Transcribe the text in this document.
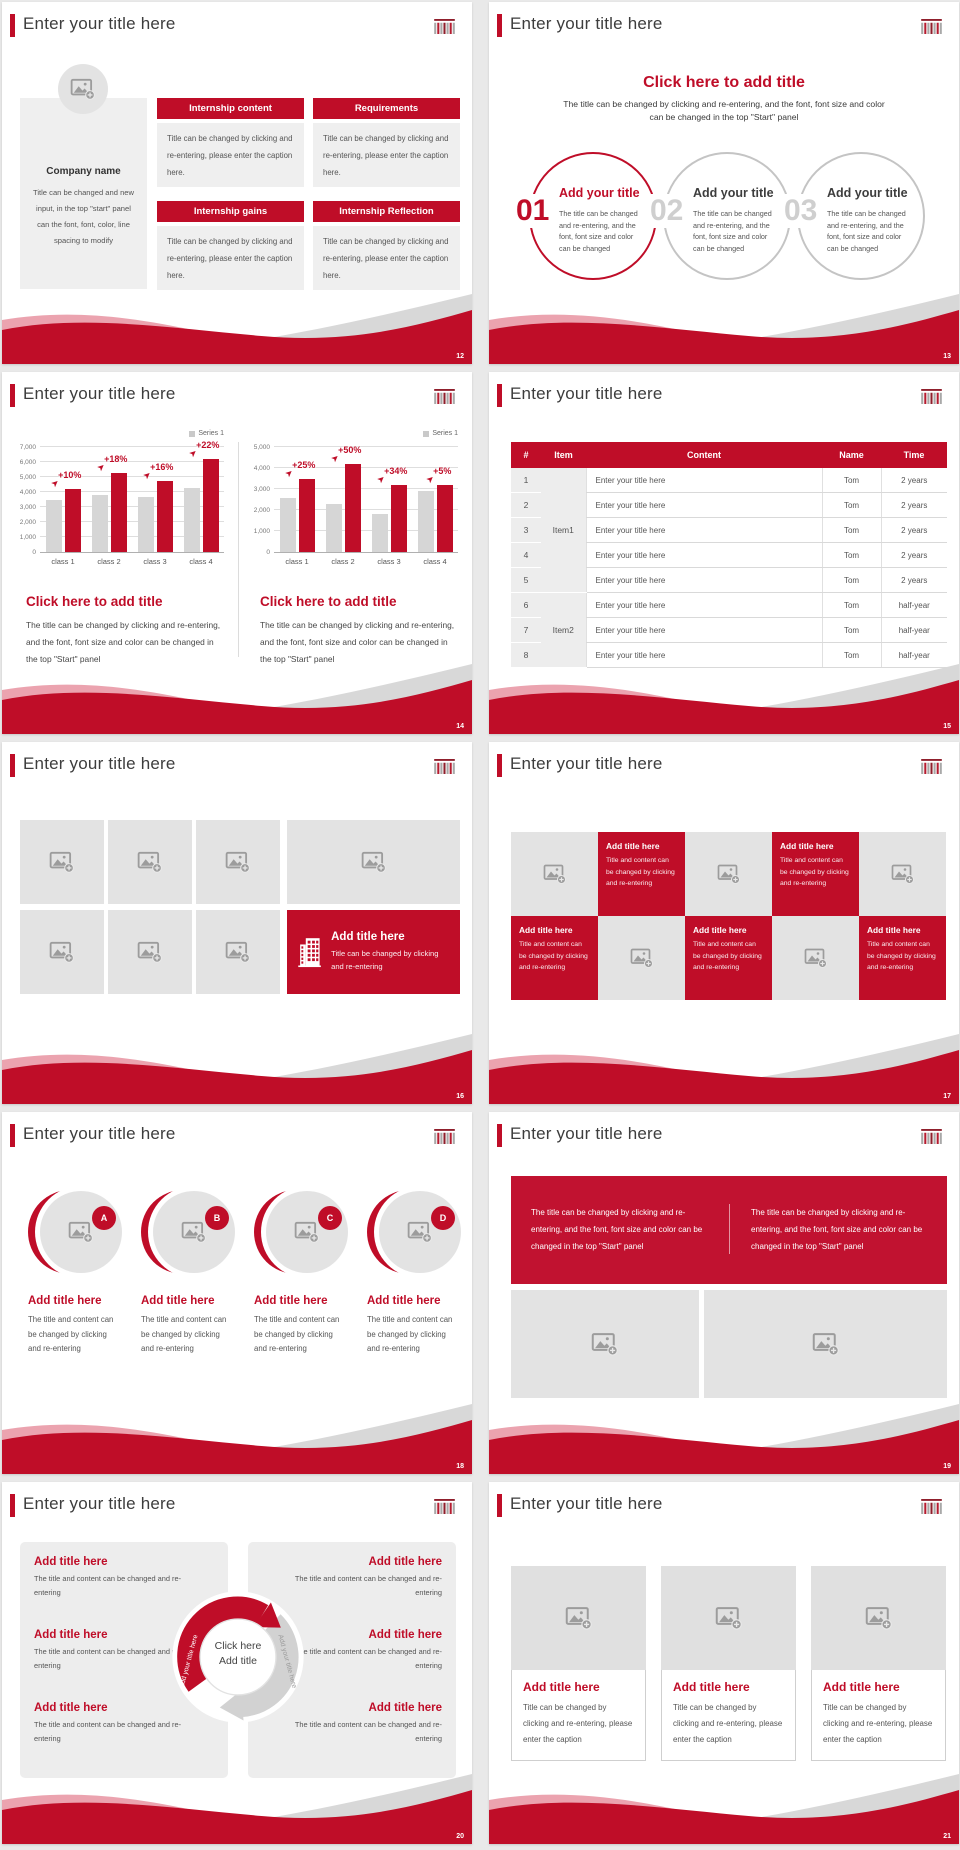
Enter your title here
Company name
Title can be changed and new input, in the top "start" panel can the font, font, color, line spacing to modify
Internship content
Title can be changed by clicking and re-entering, please enter the caption here.
Requirements
Title can be changed by clicking and re-entering, please enter the caption here.
Internship gains
Title can be changed by clicking and re-entering, please enter the caption here.
Internship Reflection
Title can be changed by clicking and re-entering, please enter the caption here.
12
Enter your title here
Click here to add title
The title can be changed by clicking and re-entering, and the font, font size and color can be changed in the top "Start" panel
01
Add your title
The title can be changed and re-entering, and the font, font size and color can be changed
02
Add your title
The title can be changed and re-entering, and the font, font size and color can be changed
03
Add your title
The title can be changed and re-entering, and the font, font size and color can be changed
13
Enter your title here
Series 1
0
1,000
2,000
3,000
4,000
5,000
6,000
7,000
+10%
➤
+18%
➤	+16%
➤
+22%
➤
class 1	class 2	class 3	class 4
Series 1
0
1,000
2,000
3,000
4,000
5,000
+25%
➤
+50%
➤
+34%
➤
+5%
➤
class 1	class 2	class 3	class 4
Click here to add title
The title can be changed by clicking and re-entering, and the font, font size and color can be changed in the top "Start" panel
Click here to add title
The title can be changed by clicking and re-entering, and the font, font size and color can be changed in the top "Start" panel
14
Enter your title here
#	Item	Content	Name	Time
1	Item1	Enter your title here	Tom	2 years
2		Enter your title here	Tom	2 years
3		Enter your title here	Tom	2 years
4		Enter your title here	Tom	2 years
5		Enter your title here	Tom	2 years
6	Item2	Enter your title here	Tom	half-year
7		Enter your title here	Tom	half-year
8		Enter your title here	Tom	half-year
15
Enter your title here
Add title here
Title can be changed by clicking and re-entering
16
Enter your title here
Add title here
Title and content can be changed by clicking and re-entering
Add title here
Title and content can be changed by clicking and re-entering
Add title here
Title and content can be changed by clicking and re-entering
Add title here
Title and content can be changed by clicking and re-entering
Add title here
Title and content can be changed by clicking and re-entering
17
Enter your title here
A
Add title here
The title and content can be changed by clicking and re-entering
B
Add title here
The title and content can be changed by clicking and re-entering
C
Add title here
The title and content can be changed by clicking and re-entering
D
Add title here
The title and content can be changed by clicking and re-entering
18
Enter your title here
The title can be changed by clicking and re-entering, and the font, font size and color can be changed in the top "Start" panel
The title can be changed by clicking and re-entering, and the font, font size and color can be changed in the top "Start" panel
19
Enter your title here
Add title here
The title and content can be changed and re-entering
Add title here
The title and content can be changed and re-entering
Add title here
The title and content can be changed and re-entering
Add title here
The title and content can be changed and re-entering
Add title here
The title and content can be changed and re-entering
Add title here
The title and content can be changed and re-entering
Add your title here	Add your title here
Click here
Add title
20
Enter your title here
Add title here
Title can be changed by clicking and re-entering, please enter the caption
Add title here
Title can be changed by clicking and re-entering, please enter the caption
Add title here
Title can be changed by clicking and re-entering, please enter the caption
21
